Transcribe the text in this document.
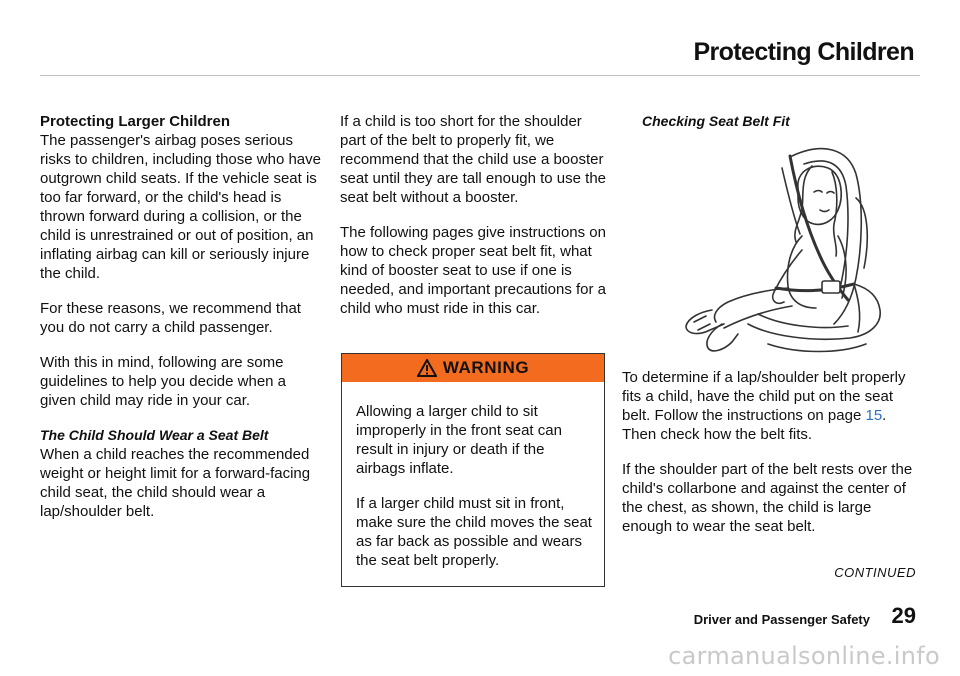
Protecting Children

Protecting Larger Children

The passenger's airbag poses serious risks to children, including those who have outgrown child seats. If the vehicle seat is too far forward, or the child's head is thrown forward during a collision, or the child is unrestrained or out of position, an inflating airbag can kill or seriously injure the child.

For these reasons, we recommend that you do not carry a child passenger.

With this in mind, following are some guidelines to help you decide when a given child may ride in your car.

The Child Should Wear a Seat Belt

When a child reaches the recommended weight or height limit for a forward-facing child seat, the child should wear a lap/shoulder belt.

If a child is too short for the shoulder part of the belt to properly fit, we recommend that the child use a booster seat until they are tall enough to use the seat belt without a booster.

The following pages give instructions on how to check proper seat belt fit, what kind of booster seat to use if one is needed, and important precautions for a child who must ride in this car.

WARNING

Allowing a larger child to sit improperly in the front seat can result in injury or death if the airbags inflate.

If a larger child must sit in front, make sure the child moves the seat as far back as possible and wears the seat belt properly.

Checking Seat Belt Fit

To determine if a lap/shoulder belt properly fits a child, have the child put on the seat belt. Follow the instructions on page 15. Then check how the belt fits.

If the shoulder part of the belt rests over the child's collarbone and against the center of the chest, as shown, the child is large enough to wear the seat belt.

CONTINUED
Driver and Passenger Safety 29
carmanualsonline.info
